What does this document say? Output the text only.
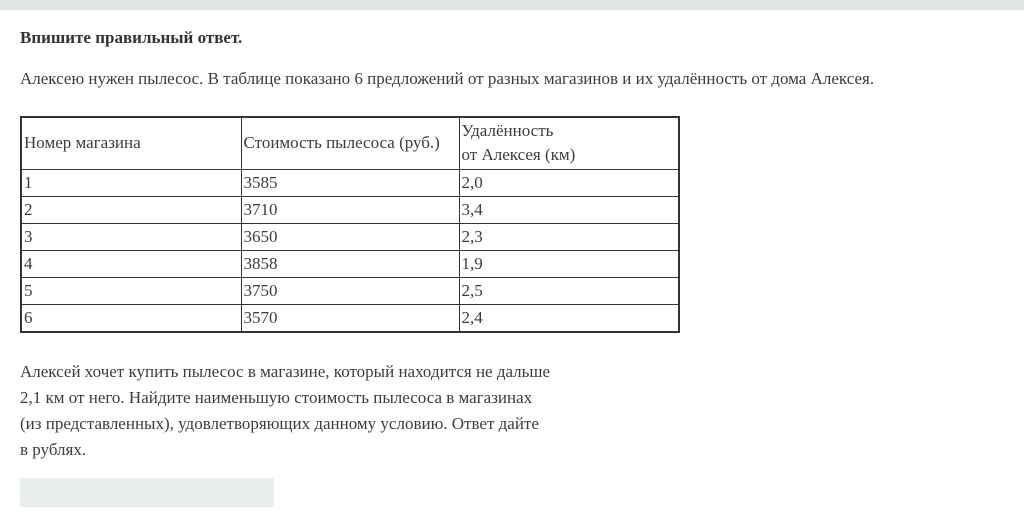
Впишите правильный ответ.
Алексею нужен пылесос. В таблице показано 6 предложений от разных магазинов и их удалённость от дома Алексея.
Номер магазина	Стоимость пылесоса (руб.)	Удалённость
от Алексея (км)

1	3585	2,0
2	3710	3,4
3	3650	2,3
4	3858	1,9
5	3750	2,5
6	3570	2,4
Алексей хочет купить пылесос в магазине, который находится не дальше
2,1 км от него. Найдите наименьшую стоимость пылесоса в магазинах
(из представленных), удовлетворяющих данному условию. Ответ дайте
в рублях.
